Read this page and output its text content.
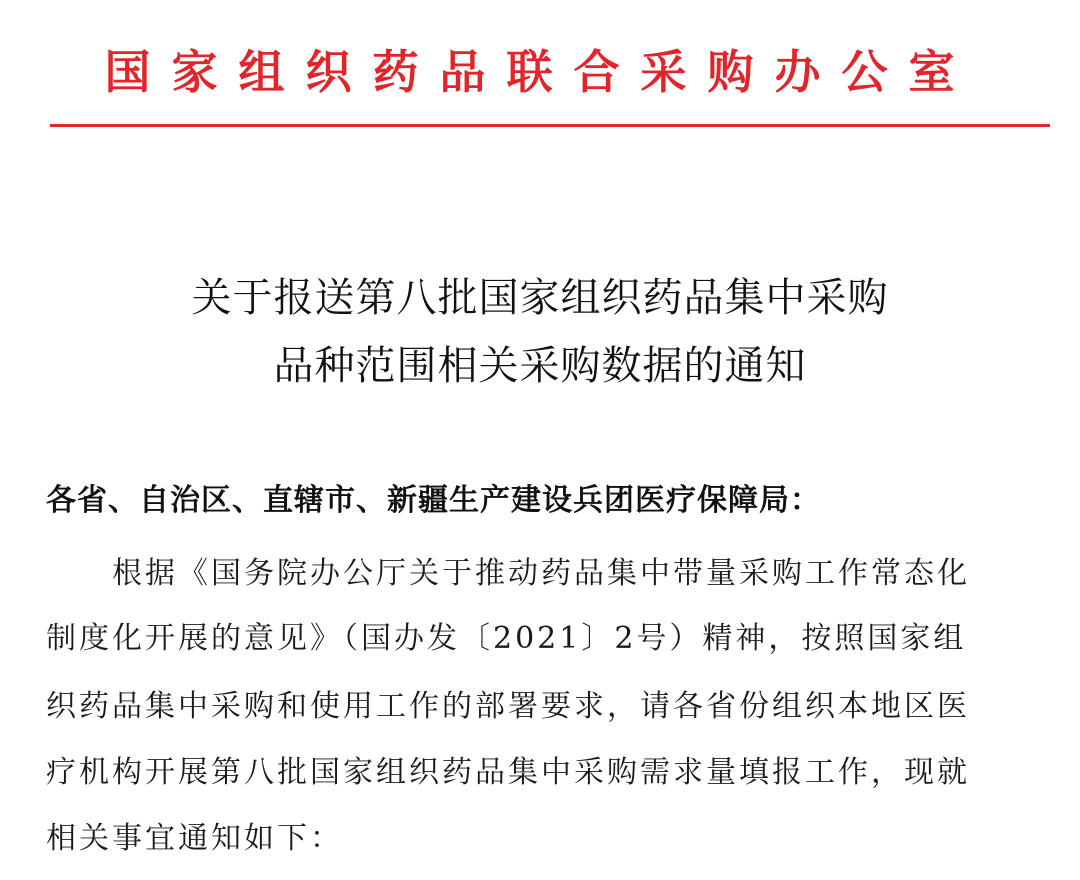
国家组织药品联合采购办公室
关于报送第八批国家组织药品集中采购
品种范围相关采购数据的通知
各省、自治区、直辖市、新疆生产建设兵团医疗保障局：
根据《国务院办公厅关于推动药品集中带量采购工作常态化
制度化开展的意见》（国办发〔2021〕2号）精神，按照国家组
织药品集中采购和使用工作的部署要求，请各省份组织本地区医
疗机构开展第八批国家组织药品集中采购需求量填报工作，现就
相关事宜通知如下：
